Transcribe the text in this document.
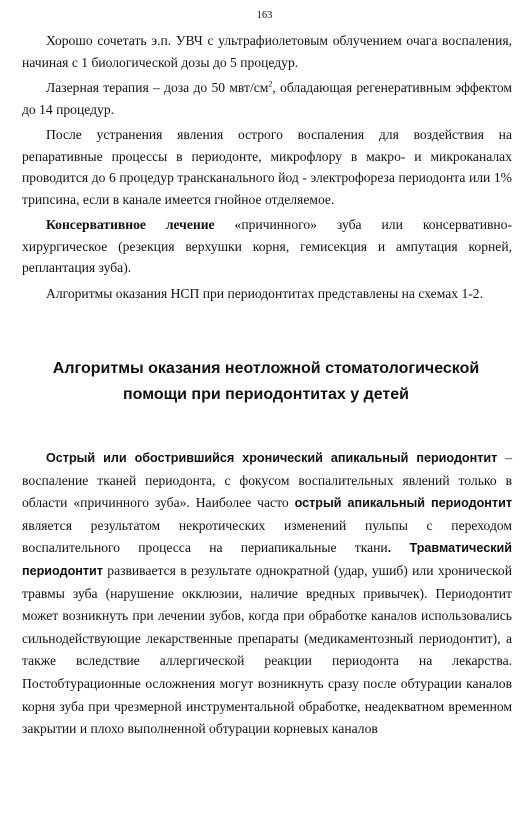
163

Хорошо сочетать э.п. УВЧ с ультрафиолетовым облучением очага воспаления, начиная с 1 биологической дозы до 5 процедур.

Лазерная терапия – доза до 50 мвт/$см^2$, обладающая регенеративным эффектом до 14 процедур.

После устранения явления острого воспаления для воздействия на репаративные процессы в периодонте, микрофлору в макро- и микроканалах проводится до 6 процедур трансканального йод - электрофореза периодонта или 1% трипсина, если в канале имеется гнойное отделяемое.

Консервативное лечение «причинного» зуба или консервативно-хирургическое (резекция верхушки корня, гемисекция и ампутация корней, реплантация зуба).

Алгоритмы оказания НСП при периодонтитах представлены на схемах 1-2.

Алгоритмы оказания неотложной стоматологической
помощи при периодонтитах у детей

Острый или обострившийся хронический апикальный периодонтит – воспаление тканей периодонта, с фокусом воспалительных явлений только в области «причинного зуба». Наиболее часто острый апикальный периодонтит является результатом некротических изменений пульпы с переходом воспалительного процесса на периапикальные ткани. Травматический периодонтит развивается в результате однократной (удар, ушиб) или хронической травмы зуба (нарушение окклюзии, наличие вредных привычек). Периодонтит может возникнуть при лечении зубов, когда при обработке каналов использовались сильнодействующие лекарственные препараты (медикаментозный периодонтит), а также вследствие аллергической реакции периодонта на лекарства. Постобтурационные осложнения могут возникнуть сразу после обтурации каналов корня зуба при чрезмерной инструментальной обработке, неадекватном временном закрытии и плохо выполненной обтурации корневых каналов
